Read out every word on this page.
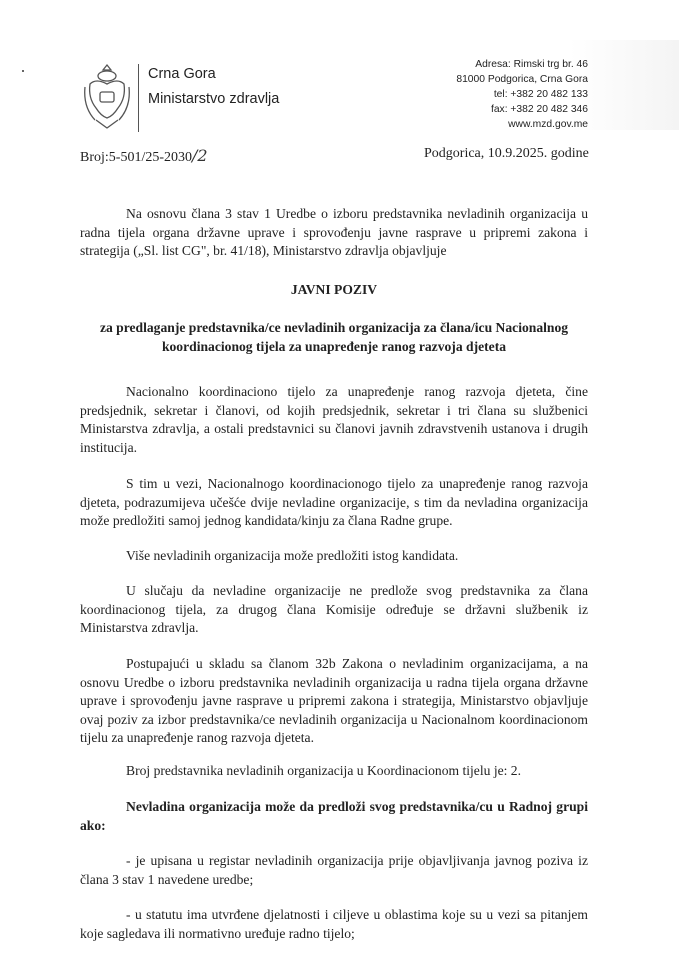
Crna Gora
Ministarstvo zdravlja
Adresa: Rimski trg br. 46
81000 Podgorica, Crna Gora
tel: +382 20 482 133
fax: +382 20 482 346
www.mzd.gov.me
Broj:5-501/25-2030/2	Podgorica, 10.9.2025. godine
Na osnovu člana 3 stav 1 Uredbe o izboru predstavnika nevladinih organizacija u radna tijela organa državne uprave i sprovođenju javne rasprave u pripremi zakona i strategija („Sl. list CG", br. 41/18), Ministarstvo zdravlja objavljuje
JAVNI POZIV
za predlaganje predstavnika/ce nevladinih organizacija za člana/icu Nacionalnog
koordinacionog tijela za unapređenje ranog razvoja djeteta
Nacionalno koordinaciono tijelo za unapređenje ranog razvoja djeteta, čine predsjednik, sekretar i članovi, od kojih predsjednik, sekretar i tri člana su službenici Ministarstva zdravlja, a ostali predstavnici su članovi javnih zdravstvenih ustanova i drugih institucija.
S tim u vezi, Nacionalnogo koordinacionogo tijelo za unapređenje ranog razvoja djeteta, podrazumijeva učešće dvije nevladine organizacije, s tim da nevladina organizacija može predložiti samoj jednog kandidata/kinju za člana Radne grupe.
Više nevladinih organizacija može predložiti istog kandidata.
U slučaju da nevladine organizacije ne predlože svog predstavnika za člana koordinacionog tijela, za drugog člana Komisije određuje se državni službenik iz Ministarstva zdravlja.
Postupajući u skladu sa članom 32b Zakona o nevladinim organizacijama, a na osnovu Uredbe o izboru predstavnika nevladinih organizacija u radna tijela organa državne uprave i sprovođenju javne rasprave u pripremi zakona i strategija, Ministarstvo objavljuje ovaj poziv za izbor predstavnika/ce nevladinih organizacija u Nacionalnom koordinacionom tijelu za unapređenje ranog razvoja djeteta.
Broj predstavnika nevladinih organizacija u Koordinacionom tijelu je: 2.
Nevladina organizacija može da predloži svog predstavnika/cu u Radnoj grupi ako:
- je upisana u registar nevladinih organizacija prije objavljivanja javnog poziva iz člana 3 stav 1 navedene uredbe;
- u statutu ima utvrđene djelatnosti i ciljeve u oblastima koje su u vezi sa pitanjem koje sagledava ili normativno uređuje radno tijelo;
